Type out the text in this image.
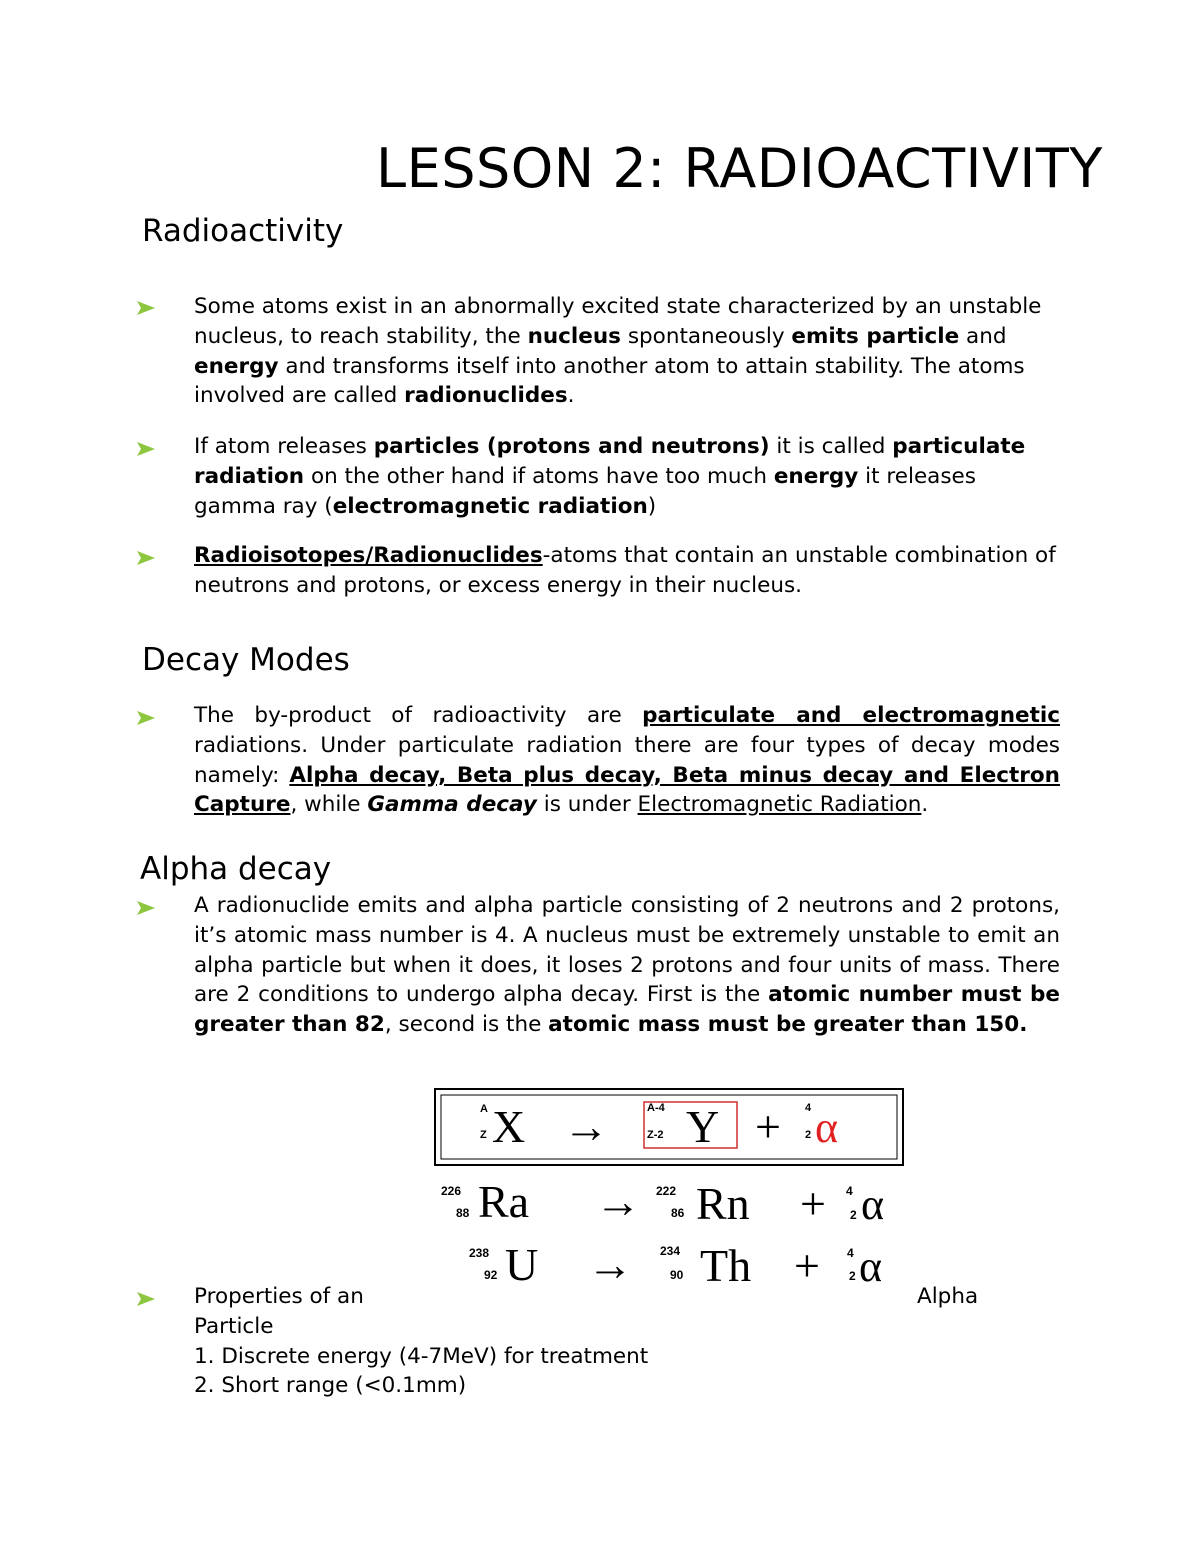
LESSON 2: RADIOACTIVITY
Radioactivity
Some atoms exist in an abnormally excited state characterized by an unstable nucleus, to reach stability, the nucleus spontaneously emits particle and energy and transforms itself into another atom to attain stability. The atoms involved are called radionuclides.
If atom releases particles (protons and neutrons) it is called particulate radiation on the other hand if atoms have too much energy it releases gamma ray (electromagnetic radiation)
Radioisotopes/Radionuclides-atoms that contain an unstable combination of neutrons and protons, or excess energy in their nucleus.
Decay Modes
The by-product of radioactivity are particulate and electromagnetic radiations. Under particulate radiation there are four types of decay modes namely: Alpha decay, Beta plus decay, Beta minus decay and Electron Capture, while Gamma decay is under Electromagnetic Radiation.
Alpha decay
A radionuclide emits and alpha particle consisting of 2 neutrons and 2 protons, it’s atomic mass number is 4. A nucleus must be extremely unstable to emit an alpha particle but when it does, it loses 2 protons and four units of mass. There are 2 conditions to undergo alpha decay. First is the atomic number must be greater than 82, second is the atomic mass must be greater than 150.
A
Z
A-4
Z-2
4
2
X → Y + α
226
88
222
86
4
2
Ra → Rn + α
238
92
234
90
4
2
U → Th + α
Properties of an	Alpha
Particle
1. Discrete energy (4-7MeV) for treatment
2. Short range (<0.1mm)
